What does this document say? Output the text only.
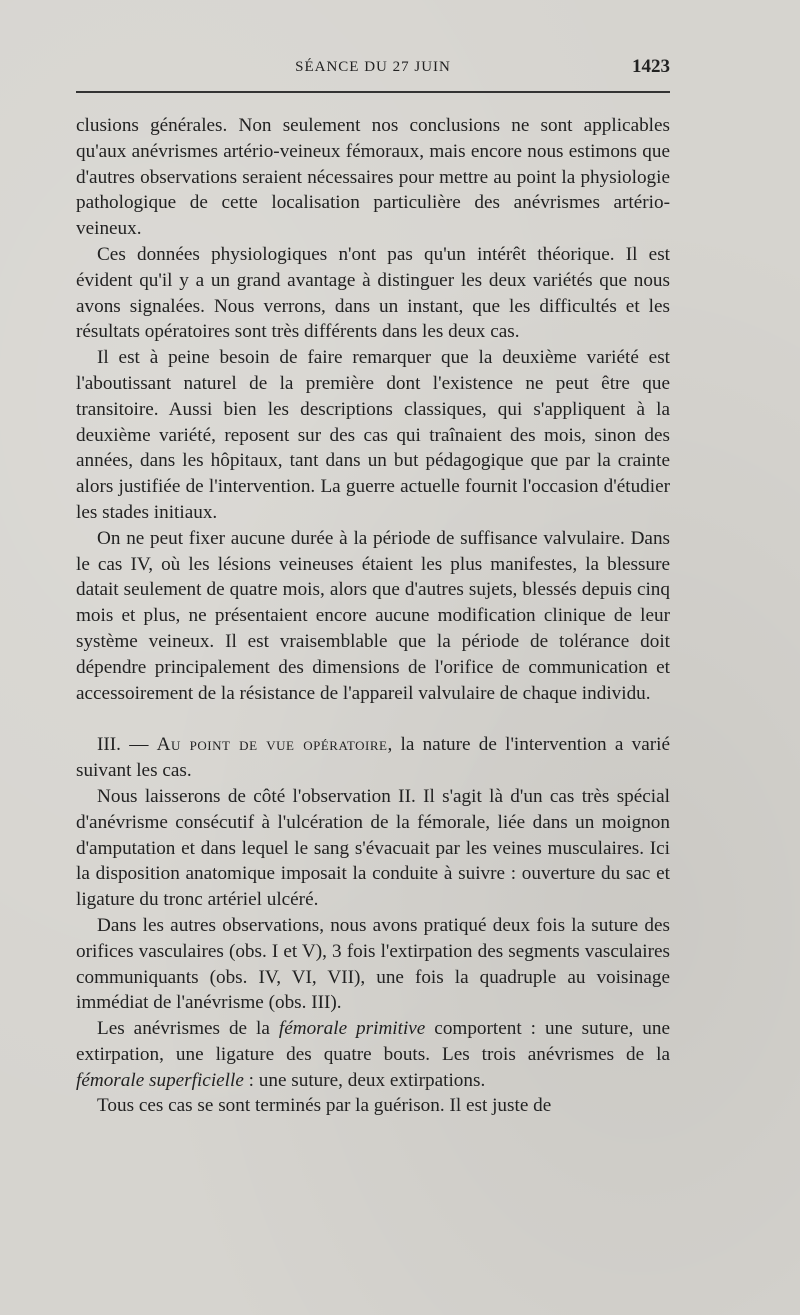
SÉANCE DU 27 JUIN	1423

clusions générales. Non seulement nos conclusions ne sont applicables qu'aux anévrismes artério-veineux fémoraux, mais encore nous estimons que d'autres observations seraient nécessaires pour mettre au point la physiologie pathologique de cette localisation particulière des anévrismes artério-veineux.

Ces données physiologiques n'ont pas qu'un intérêt théorique. Il est évident qu'il y a un grand avantage à distinguer les deux variétés que nous avons signalées. Nous verrons, dans un instant, que les difficultés et les résultats opératoires sont très différents dans les deux cas.

Il est à peine besoin de faire remarquer que la deuxième variété est l'aboutissant naturel de la première dont l'existence ne peut être que transitoire. Aussi bien les descriptions classiques, qui s'appliquent à la deuxième variété, reposent sur des cas qui traînaient des mois, sinon des années, dans les hôpitaux, tant dans un but pédagogique que par la crainte alors justifiée de l'intervention. La guerre actuelle fournit l'occasion d'étudier les stades initiaux.

On ne peut fixer aucune durée à la période de suffisance valvulaire. Dans le cas IV, où les lésions veineuses étaient les plus manifestes, la blessure datait seulement de quatre mois, alors que d'autres sujets, blessés depuis cinq mois et plus, ne présentaient encore aucune modification clinique de leur système veineux. Il est vraisemblable que la période de tolérance doit dépendre principalement des dimensions de l'orifice de communication et accessoirement de la résistance de l'appareil valvulaire de chaque individu.

III. — Au point de vue opératoire, la nature de l'intervention a varié suivant les cas.

Nous laisserons de côté l'observation II. Il s'agit là d'un cas très spécial d'anévrisme consécutif à l'ulcération de la fémorale, liée dans un moignon d'amputation et dans lequel le sang s'évacuait par les veines musculaires. Ici la disposition anatomique imposait la conduite à suivre : ouverture du sac et ligature du tronc artériel ulcéré.

Dans les autres observations, nous avons pratiqué deux fois la suture des orifices vasculaires (obs. I et V), 3 fois l'extirpation des segments vasculaires communiquants (obs. IV, VI, VII), une fois la quadruple au voisinage immédiat de l'anévrisme (obs. III).

Les anévrismes de la fémorale primitive comportent : une suture, une extirpation, une ligature des quatre bouts. Les trois anévrismes de la fémorale superficielle : une suture, deux extirpations.

Tous ces cas se sont terminés par la guérison. Il est juste de
